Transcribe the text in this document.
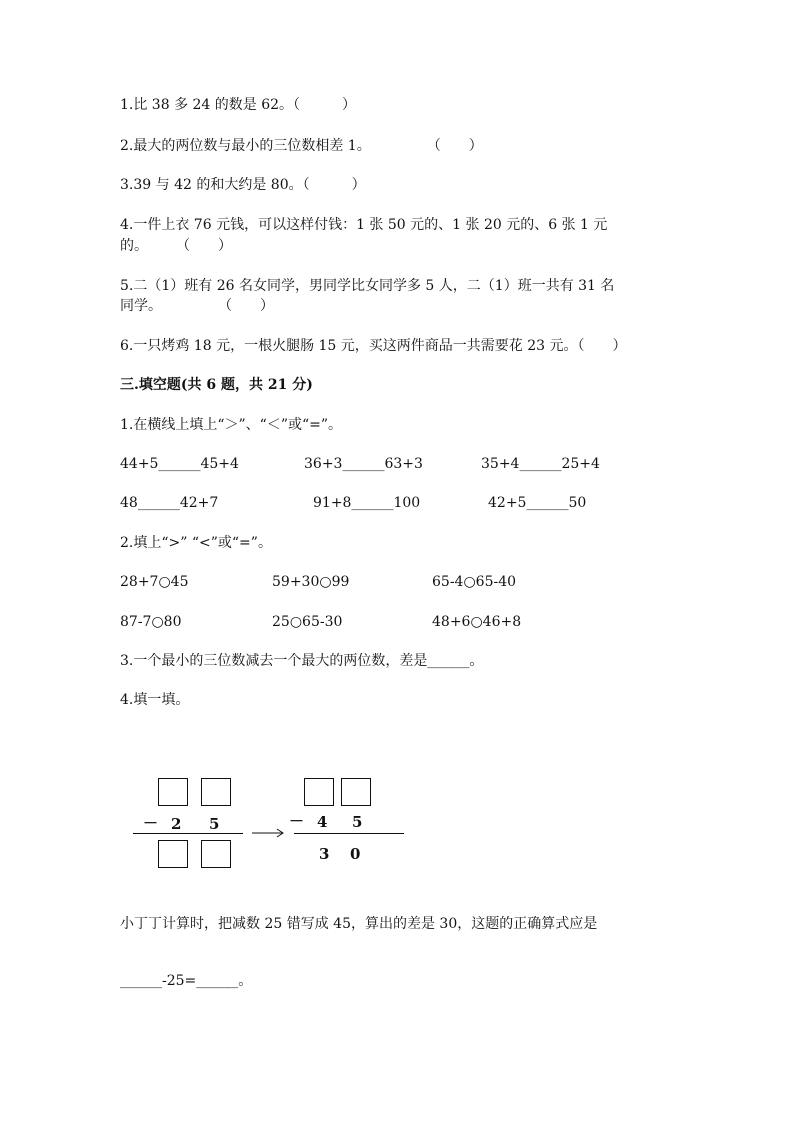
1.比 38 多 24 的数是 62。（　　　）
2.最大的两位数与最小的三位数相差 1。　　　　　（　　）
3.39 与 42 的和大约是 80。（　　　）
4.一件上衣 76 元钱，可以这样付钱：1 张 50 元的、1 张 20 元的、6 张 1 元
的。　　　（　　）
5.二（1）班有 26 名女同学，男同学比女同学多 5 人，二（1）班一共有 31 名
同学。　　　　　（　　）
6.一只烤鸡 18 元，一根火腿肠 15 元，买这两件商品一共需要花 23 元。（　　）
三.填空题(共 6 题，共 21 分)
1.在横线上填上“＞”、“＜”或“=”。
44+5______45+4	36+3______63+3	35+4______25+4
48______42+7	91+8______100	42+5______50
2.填上“>” “<”或“=”。
28+7○45	59+30○99	65-4○65-40
87-7○80	25○65-30	48+6○46+8
3.一个最小的三位数减去一个最大的两位数，差是______。
4.填一填。
－ 2 5	－ 4 5
3 0
小丁丁计算时，把减数 25 错写成 45，算出的差是 30，这题的正确算式应是
______-25=______。
